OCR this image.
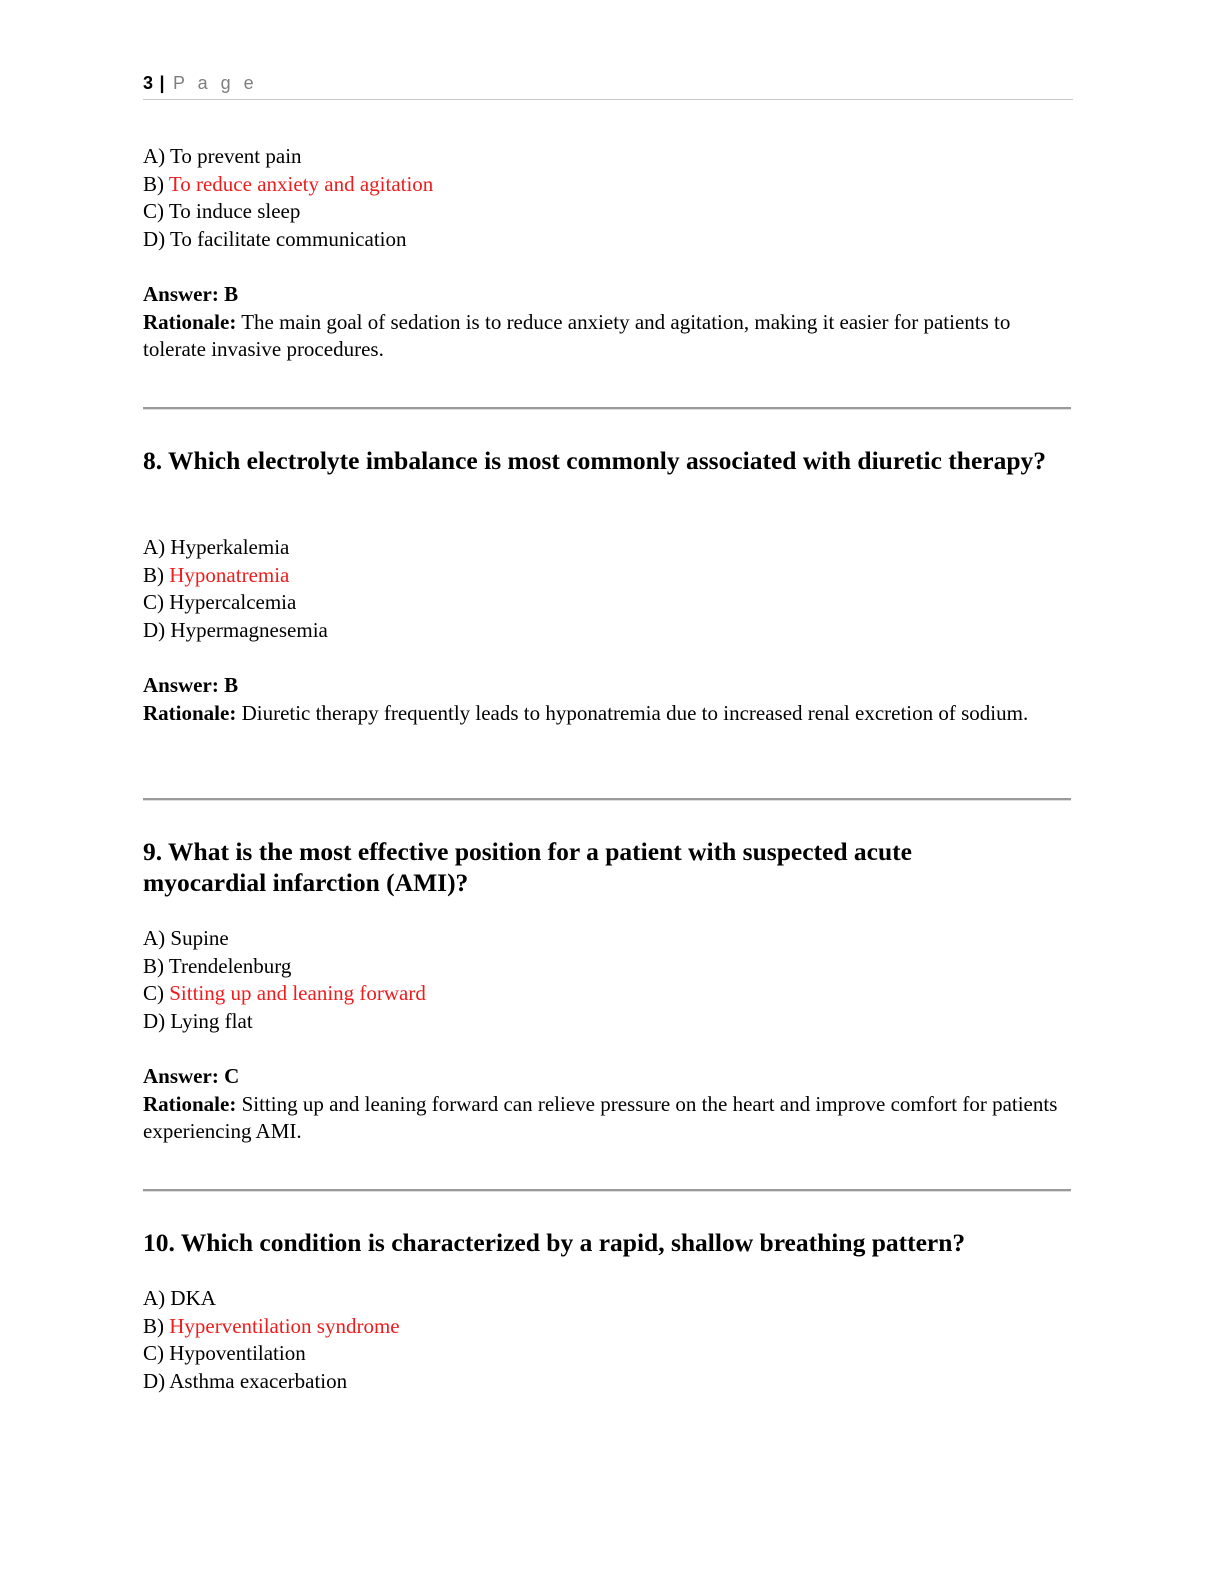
3 | P a g e

A) To prevent pain

B) To reduce anxiety and agitation

C) To induce sleep

D) To facilitate communication

Answer: B

Rationale: The main goal of sedation is to reduce anxiety and agitation, making it easier for patients to tolerate invasive procedures.

8. Which electrolyte imbalance is most commonly associated with diuretic therapy?

A) Hyperkalemia

B) Hyponatremia

C) Hypercalcemia

D) Hypermagnesemia

Answer: B

Rationale: Diuretic therapy frequently leads to hyponatremia due to increased renal excretion of sodium.

9. What is the most effective position for a patient with suspected acute myocardial infarction (AMI)?

A) Supine

B) Trendelenburg

C) Sitting up and leaning forward

D) Lying flat

Answer: C

Rationale: Sitting up and leaning forward can relieve pressure on the heart and improve comfort for patients experiencing AMI.

10. Which condition is characterized by a rapid, shallow breathing pattern?

A) DKA

B) Hyperventilation syndrome

C) Hypoventilation

D) Asthma exacerbation
